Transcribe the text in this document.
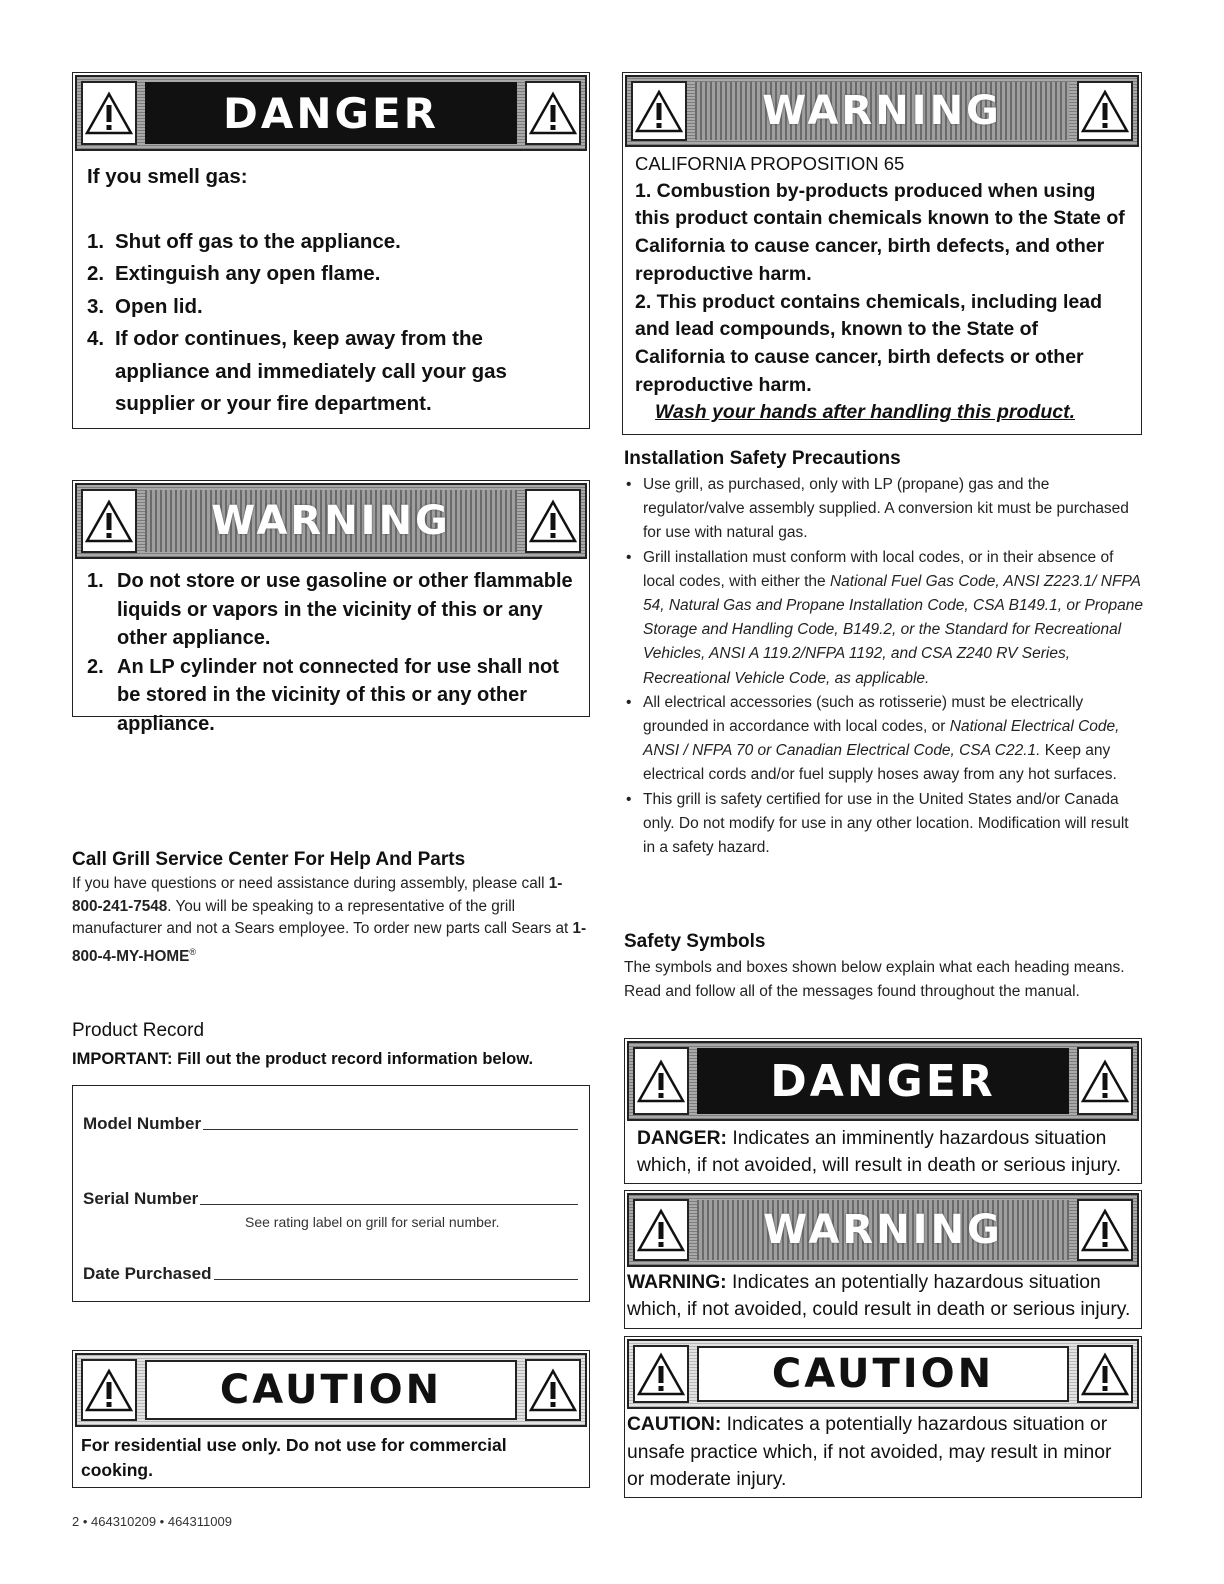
DANGER
If you smell gas:
1. Shut off gas to the appliance.
2. Extinguish any open flame.
3. Open lid.
4. If odor continues, keep away from the appliance and immediately call your gas supplier or your fire department.
WARNING
1. Do not store or use gasoline or other flammable liquids or vapors in the vicinity of this or any other appliance.
2. An LP cylinder not connected for use shall not be stored in the vicinity of this or any other appliance.
Call Grill Service Center For Help And Parts
If you have questions or need assistance during assembly, please call 1-800-241-7548. You will be speaking to a representative of the grill manufacturer and not a Sears employee. To order new parts call Sears at 1-800-4-MY-HOME®
Product Record
IMPORTANT: Fill out the product record information below.
Model Number
Serial Number
See rating label on grill for serial number.
Date Purchased
CAUTION
For residential use only. Do not use for commercial cooking.
2 • 464310209 • 464311009
WARNING
CALIFORNIA PROPOSITION 65
1. Combustion by-products produced when using this product contain chemicals known to the State of California to cause cancer, birth defects, and other reproductive harm.
2. This product contains chemicals, including lead and lead compounds, known to the State of California to cause cancer, birth defects or other reproductive harm.
Wash your hands after handling this product.
Installation Safety Precautions
• Use grill, as purchased, only with LP (propane) gas and the regulator/valve assembly supplied. A conversion kit must be purchased for use with natural gas.
• Grill installation must conform with local codes, or in their absence of local codes, with either the National Fuel Gas Code, ANSI Z223.1/ NFPA 54, Natural Gas and Propane Installation Code, CSA B149.1, or Propane Storage and Handling Code, B149.2, or the Standard for Recreational Vehicles, ANSI A 119.2/NFPA 1192, and CSA Z240 RV Series, Recreational Vehicle Code, as applicable.
• All electrical accessories (such as rotisserie) must be electrically grounded in accordance with local codes, or National Electrical Code, ANSI / NFPA 70 or Canadian Electrical Code, CSA C22.1. Keep any electrical cords and/or fuel supply hoses away from any hot surfaces.
• This grill is safety certified for use in the United States and/or Canada only. Do not modify for use in any other location. Modification will result in a safety hazard.
Safety Symbols
The symbols and boxes shown below explain what each heading means. Read and follow all of the messages found throughout the manual.
DANGER
DANGER: Indicates an imminently hazardous situation which, if not avoided, will result in death or serious injury.
WARNING
WARNING: Indicates an potentially hazardous situation which, if not avoided, could result in death or serious injury.
CAUTION
CAUTION: Indicates a potentially hazardous situation or unsafe practice which, if not avoided, may result in minor or moderate injury.
